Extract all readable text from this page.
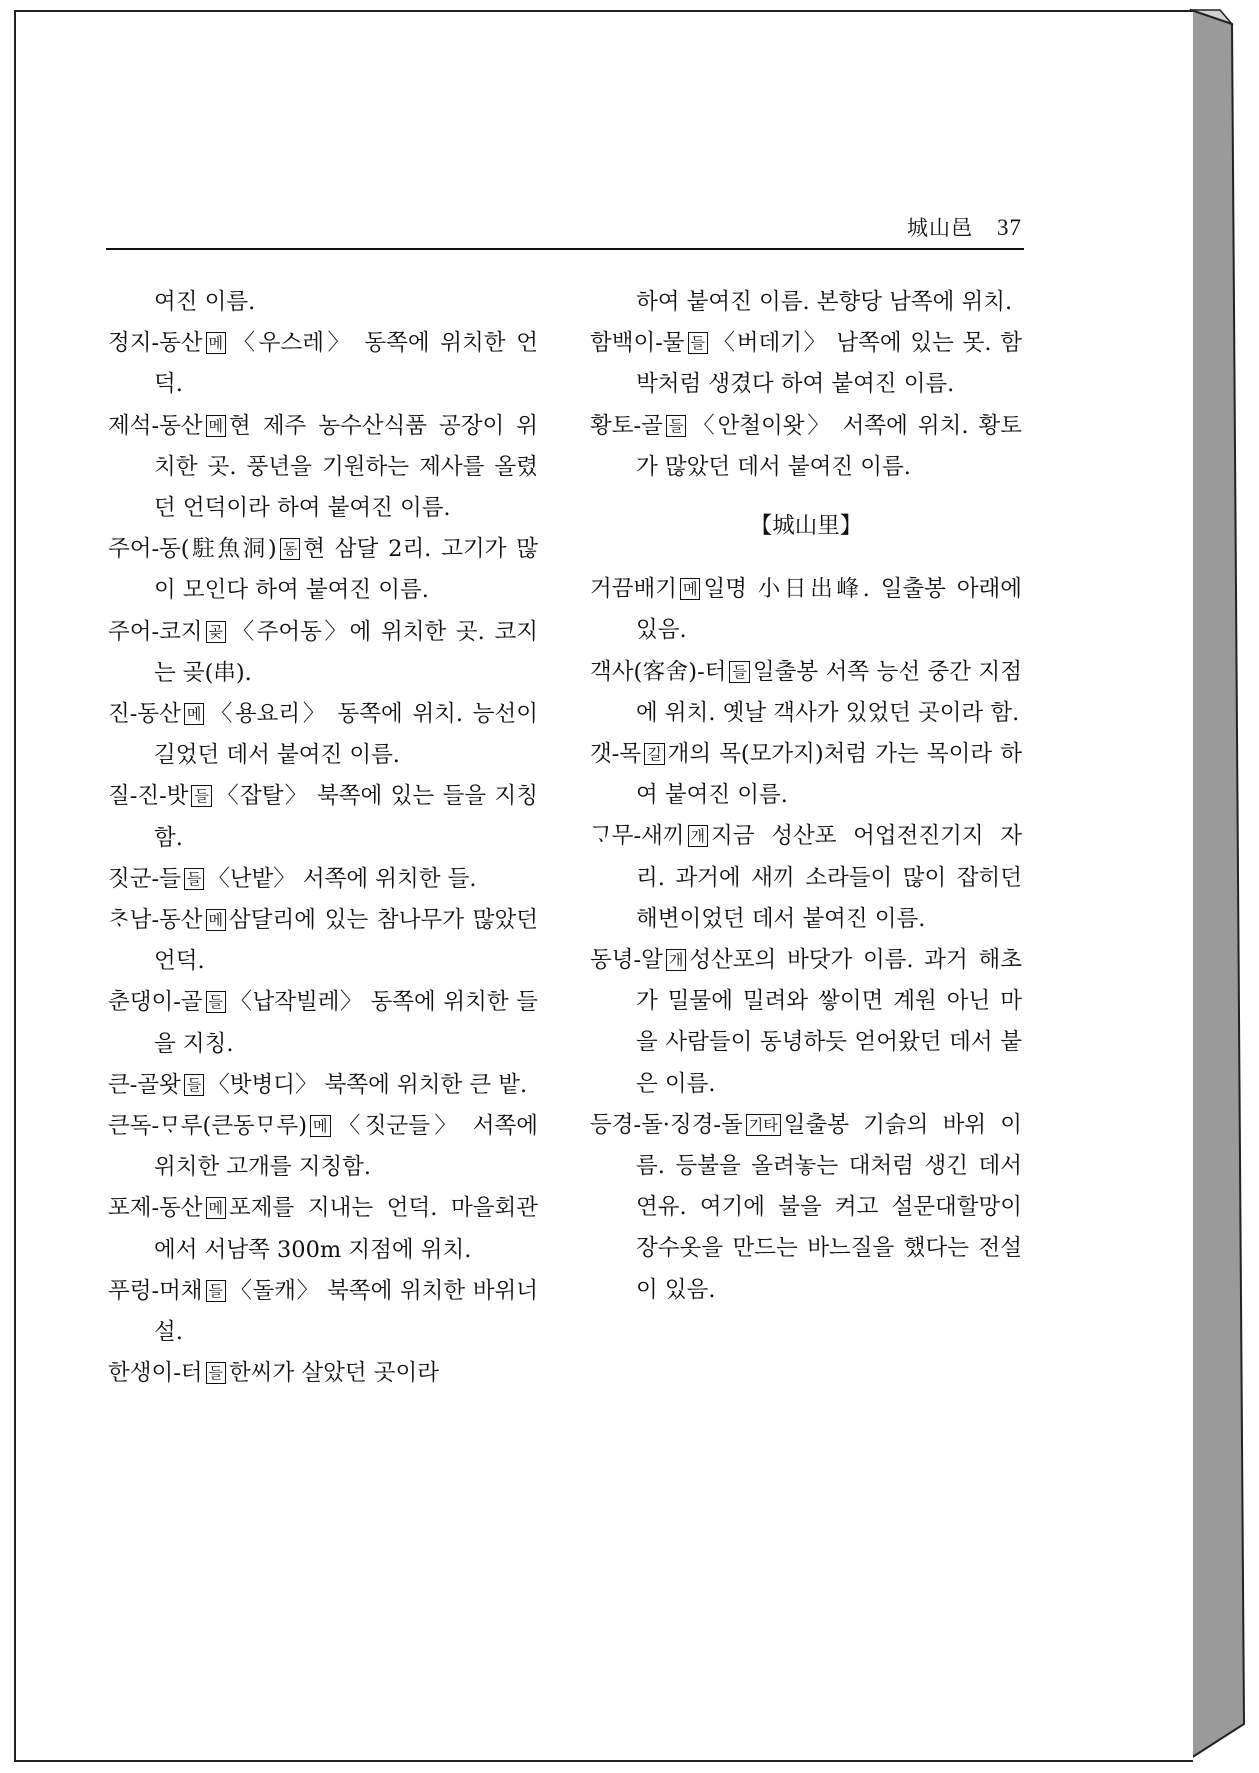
城山邑 37

여진 이름.

정지-동산 메 〈우스레〉 동쪽에 위치한 언덕.

제석-동산 메 현 제주 농수산식품 공장이 위치한 곳. 풍년을 기원하는 제사를 올렸던 언덕이라 하여 붙여진 이름.

주어-동(駐魚洞) 동 현 삼달 2리. 고기가 많이 모인다 하여 붙여진 이름.

주어-코지 곶 〈주어동〉에 위치한 곳. 코지는 곶(串).

진-동산 메 〈용요리〉 동쪽에 위치. 능선이 길었던 데서 붙여진 이름.

질-진-밧 들 〈잡탈〉 북쪽에 있는 들을 지칭함.

짓군-들 들 〈난밭〉 서쪽에 위치한 들.

ᄎᆞ남-동산 메 삼달리에 있는 참나무가 많았던 언덕.

춘댕이-골 들 〈납작빌레〉 동쪽에 위치한 들을 지칭.

큰-골왓 들 〈밧병디〉 북쪽에 위치한 큰 밭.

큰독-ᄆᆞ루(큰동ᄆᆞ루) 메 〈짓군들〉 서쪽에 위치한 고개를 지칭함.

포제-동산 메 포제를 지내는 언덕. 마을회관에서 서남쪽 300m 지점에 위치.

푸렁-머채 들 〈돌캐〉 북쪽에 위치한 바위너설.

한생이-터 들 한씨가 살았던 곳이라

하여 붙여진 이름. 본향당 남쪽에 위치.

함백이-물 들 〈버데기〉 남쪽에 있는 못. 함박처럼 생겼다 하여 붙여진 이름.

황토-골 들 〈안철이왓〉 서쪽에 위치. 황토가 많았던 데서 붙여진 이름.

【城山里】

거끔배기 메 일명 小日出峰. 일출봉 아래에 있음.

객사(客舍)-터 들 일출봉 서쪽 능선 중간 지점에 위치. 옛날 객사가 있었던 곳이라 함.

갯-목 길 개의 목(모가지)처럼 가는 목이라 하여 붙여진 이름.

ᄀᆞ무-새끼 개 지금 성산포 어업전진기지 자리. 과거에 새끼 소라들이 많이 잡히던 해변이었던 데서 붙여진 이름.

동녕-알 개 성산포의 바닷가 이름. 과거 해초가 밀물에 밀려와 쌓이면 계원 아닌 마을 사람들이 동녕하듯 얻어왔던 데서 붙은 이름.

등경-돌·징경-돌 기타 일출봉 기슭의 바위 이름. 등불을 올려놓는 대처럼 생긴 데서 연유. 여기에 불을 켜고 설문대할망이 장수옷을 만드는 바느질을 했다는 전설이 있음.
